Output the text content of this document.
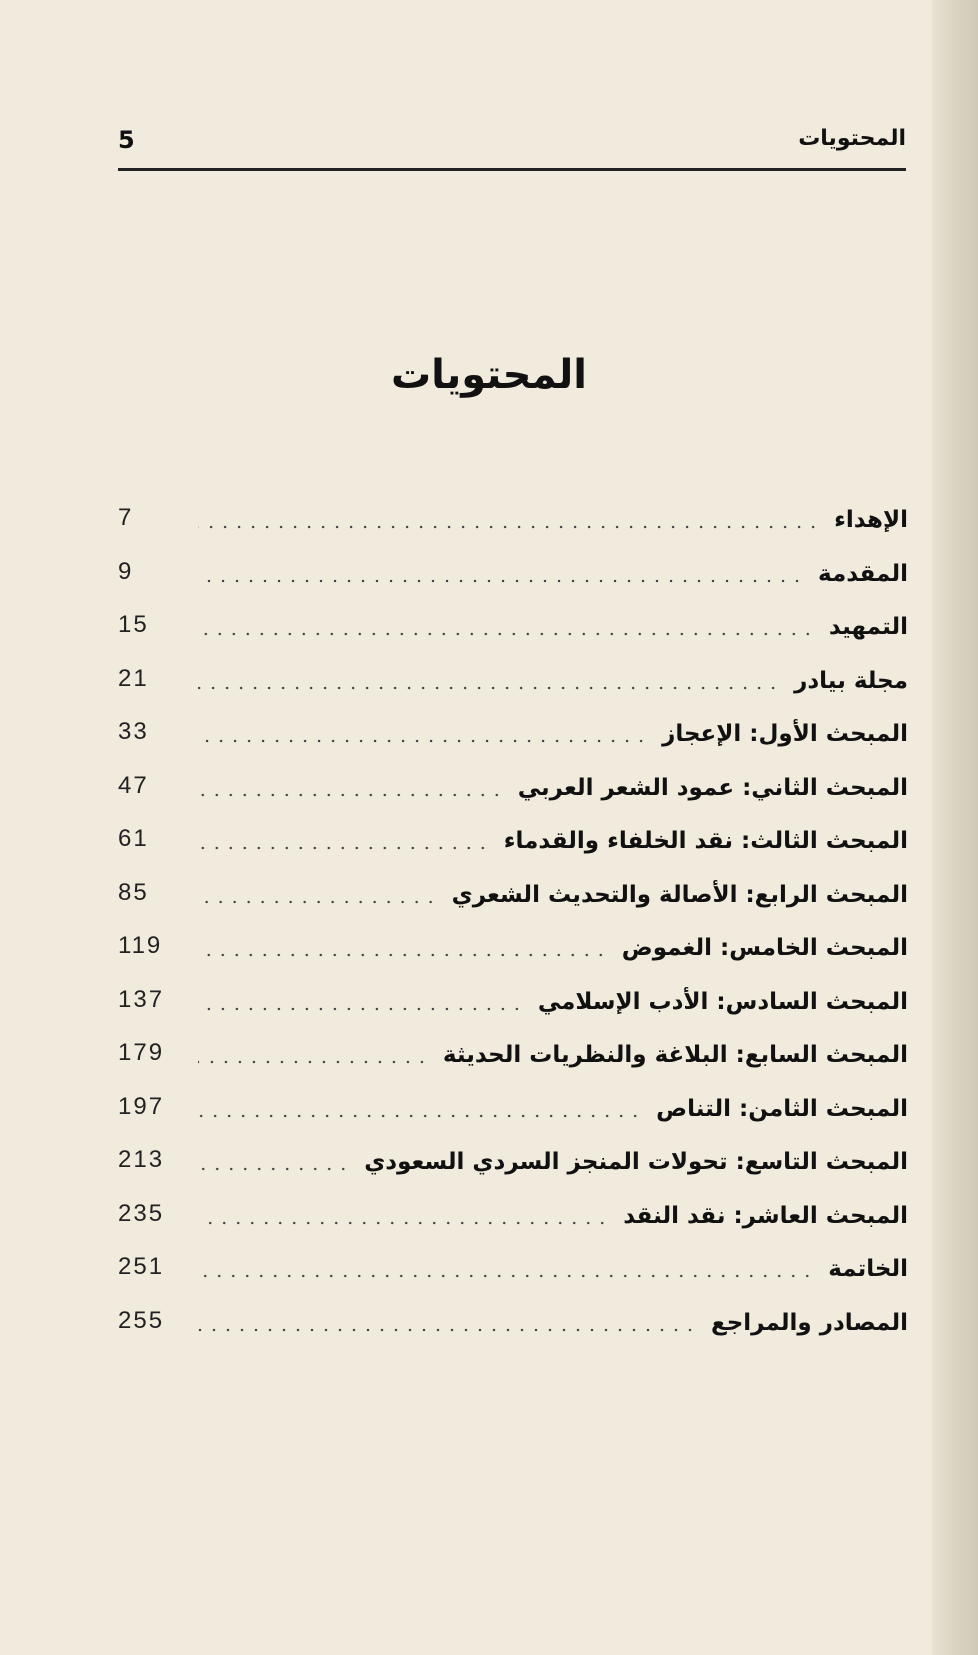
المحتويات
5
المحتويات
7	الإهداء
9	المقدمة
15	التمهيد
21	مجلة بيادر
33	المبحث الأول: الإعجاز
47	المبحث الثاني: عمود الشعر العربي
61	المبحث الثالث: نقد الخلفاء والقدماء
85	المبحث الرابع: الأصالة والتحديث الشعري
119	المبحث الخامس: الغموض
137	المبحث السادس: الأدب الإسلامي
179	المبحث السابع: البلاغة والنظريات الحديثة
197	المبحث الثامن: التناص
213	المبحث التاسع: تحولات المنجز السردي السعودي
235	المبحث العاشر: نقد النقد
251	الخاتمة
255	المصادر والمراجع
